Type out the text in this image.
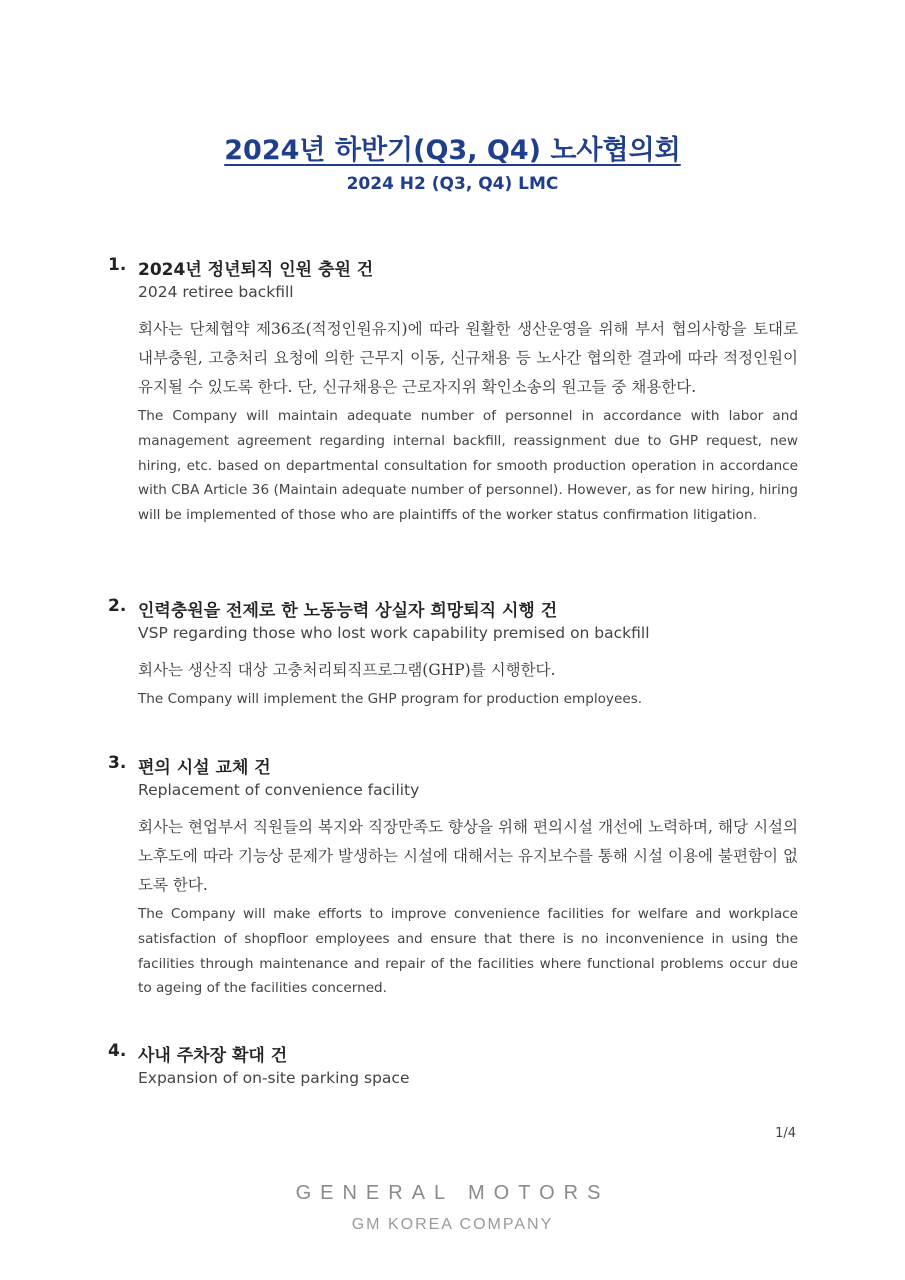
2024년 하반기(Q3, Q4) 노사협의회
2024 H2 (Q3, Q4) LMC
1. 2024년 정년퇴직 인원 충원 건
2024 retiree backfill
회사는 단체협약 제36조(적정인원유지)에 따라 원활한 생산운영을 위해 부서 협의사항을 토대로 내부충원, 고충처리 요청에 의한 근무지 이동, 신규채용 등 노사간 협의한 결과에 따라 적정인원이 유지될 수 있도록 한다. 단, 신규채용은 근로자지위 확인소송의 원고들 중 채용한다.
The Company will maintain adequate number of personnel in accordance with labor and management agreement regarding internal backfill, reassignment due to GHP request, new hiring, etc. based on departmental consultation for smooth production operation in accordance with CBA Article 36 (Maintain adequate number of personnel). However, as for new hiring, hiring will be implemented of those who are plaintiffs of the worker status confirmation litigation.
2. 인력충원을 전제로 한 노동능력 상실자 희망퇴직 시행 건
VSP regarding those who lost work capability premised on backfill
회사는 생산직 대상 고충처리퇴직프로그램(GHP)를 시행한다.
The Company will implement the GHP program for production employees.
3. 편의 시설 교체 건
Replacement of convenience facility
회사는 현업부서 직원들의 복지와 직장만족도 향상을 위해 편의시설 개선에 노력하며, 해당 시설의 노후도에 따라 기능상 문제가 발생하는 시설에 대해서는 유지보수를 통해 시설 이용에 불편함이 없도록 한다.
The Company will make efforts to improve convenience facilities for welfare and workplace satisfaction of shopfloor employees and ensure that there is no inconvenience in using the facilities through maintenance and repair of the facilities where functional problems occur due to ageing of the facilities concerned.
4. 사내 주차장 확대 건
Expansion of on-site parking space
1/4
GENERAL MOTORS
GM KOREA COMPANY
